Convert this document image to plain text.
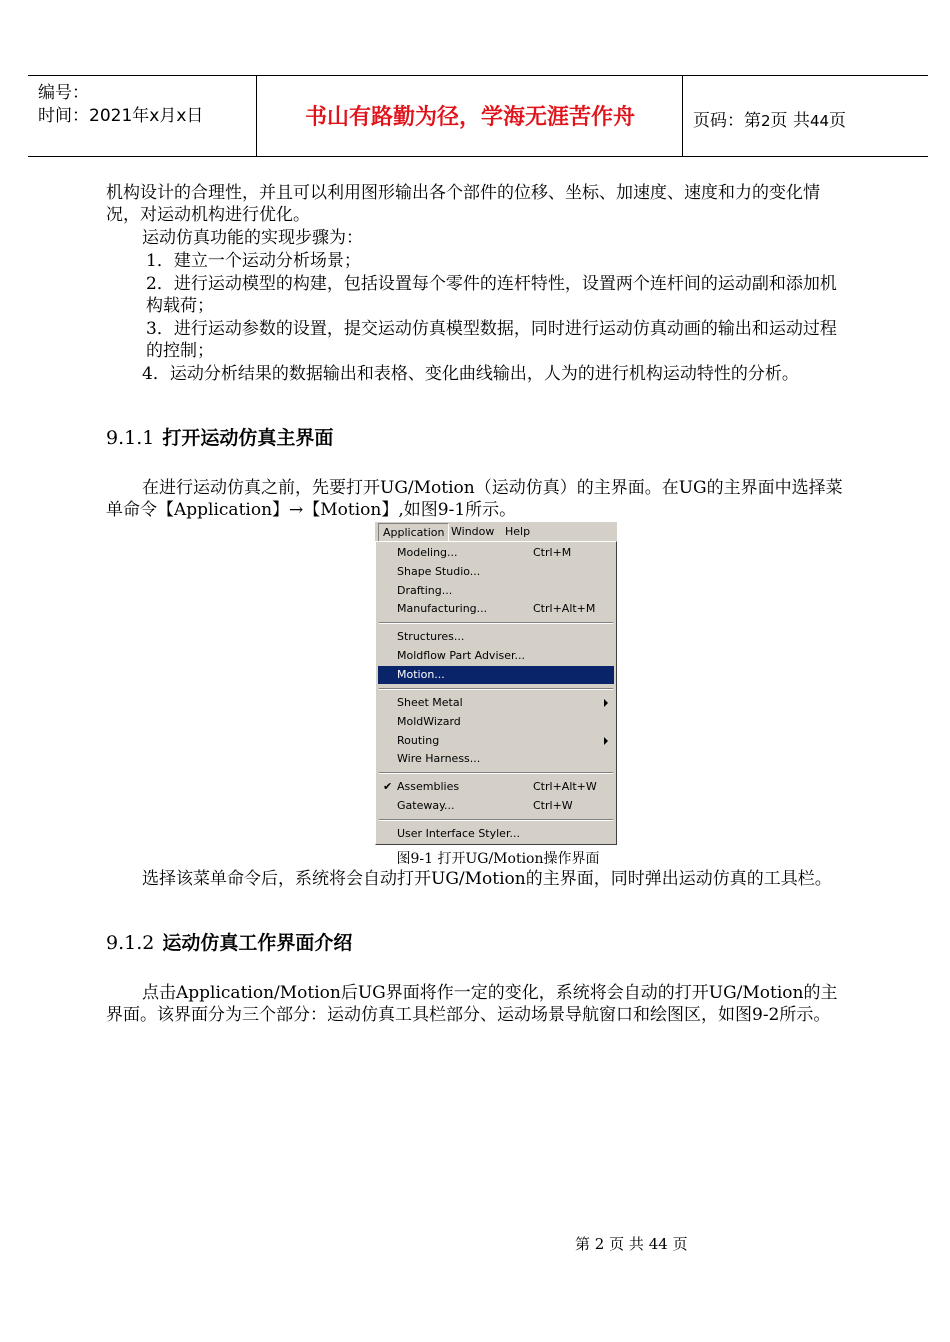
编号：
时间：2021年x月x日	书山有路勤为径，学海无涯苦作舟	页码：第2页 共44页
机构设计的合理性，并且可以利用图形输出各个部件的位移、坐标、加速度、速度和力的变化情况，对运动机构进行优化。
运动仿真功能的实现步骤为：
1．建立一个运动分析场景；
2．进行运动模型的构建，包括设置每个零件的连杆特性，设置两个连杆间的运动副和添加机构载荷；
3．进行运动参数的设置，提交运动仿真模型数据，同时进行运动仿真动画的输出和运动过程的控制；
4．运动分析结果的数据输出和表格、变化曲线输出，人为的进行机构运动特性的分析。
9.1.1 打开运动仿真主界面
在进行运动仿真之前，先要打开UG/Motion（运动仿真）的主界面。在UG的主界面中选择菜单命令【Application】→【Motion】,如图9-1所示。
Application Window Help
Modeling...	Ctrl+M
Shape Studio...
Drafting...
Manufacturing...	Ctrl+Alt+M
Structures...
Moldflow Part Adviser...
Motion...
Sheet Metal
MoldWizard
Routing
Wire Harness...
✔ Assemblies	Ctrl+Alt+W
Gateway...	Ctrl+W
User Interface Styler...
图9-1 打开UG/Motion操作界面
选择该菜单命令后，系统将会自动打开UG/Motion的主界面，同时弹出运动仿真的工具栏。
9.1.2 运动仿真工作界面介绍
点击Application/Motion后UG界面将作一定的变化，系统将会自动的打开UG/Motion的主界面。该界面分为三个部分：运动仿真工具栏部分、运动场景导航窗口和绘图区，如图9-2所示。
第 2 页 共 44 页
